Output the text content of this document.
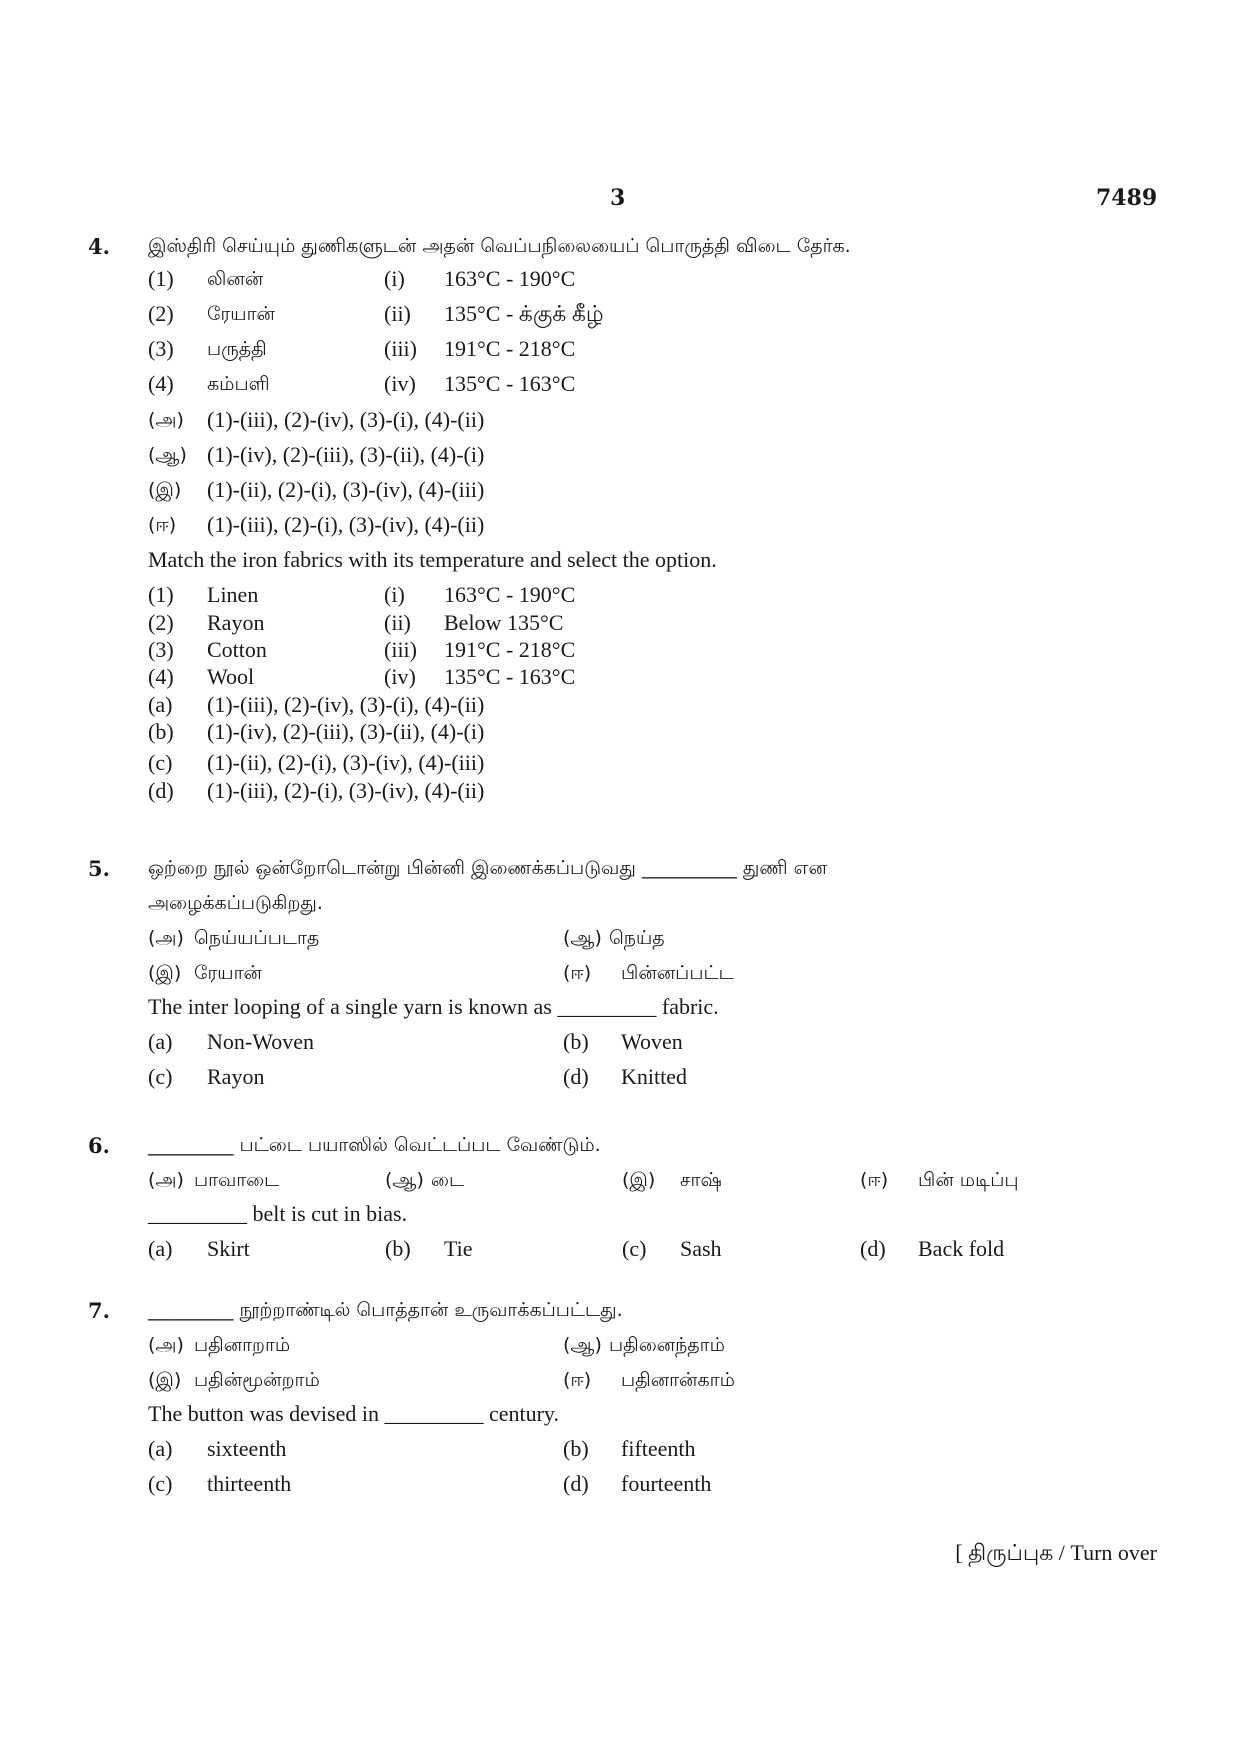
3	7489
4. இஸ்திரி செய்யும் துணிகளுடன் அதன் வெப்பநிலையைப் பொருத்தி விடை தேர்க.
(1) லினன்	(i) 163°C - 190°C
(2) ரேயான்	(ii) 135°C - க்குக் கீழ்
(3) பருத்தி	(iii) 191°C - 218°C
(4) கம்பளி	(iv) 135°C - 163°C
(அ) (1)-(iii), (2)-(iv), (3)-(i), (4)-(ii)
(ஆ) (1)-(iv), (2)-(iii), (3)-(ii), (4)-(i)
(இ) (1)-(ii), (2)-(i), (3)-(iv), (4)-(iii)
(ஈ) (1)-(iii), (2)-(i), (3)-(iv), (4)-(ii)
Match the iron fabrics with its temperature and select the option.
(1) Linen	(i) 163°C - 190°C
(2) Rayon	(ii) Below 135°C
(3) Cotton	(iii) 191°C - 218°C
(4) Wool	(iv) 135°C - 163°C
(a) (1)-(iii), (2)-(iv), (3)-(i), (4)-(ii)
(b) (1)-(iv), (2)-(iii), (3)-(ii), (4)-(i)
(c) (1)-(ii), (2)-(i), (3)-(iv), (4)-(iii)
(d) (1)-(iii), (2)-(i), (3)-(iv), (4)-(ii)
5. ஒற்றை நூல் ஒன்றோடொன்று பின்னி இணைக்கப்படுவது __________ துணி என
அழைக்கப்படுகிறது.
(அ) நெய்யப்படாத	(ஆ) நெய்த
(இ) ரேயான்	(ஈ) பின்னப்பட்ட
The inter looping of a single yarn is known as _________ fabric.
(a) Non-Woven	(b) Woven
(c) Rayon	(d) Knitted
6. _________ பட்டை பயாஸில் வெட்டப்பட வேண்டும்.
(அ) பாவாடை	(ஆ) டை	(இ) சாஷ்	(ஈ) பின் மடிப்பு
_________ belt is cut in bias.
(a) Skirt	(b) Tie	(c) Sash	(d) Back fold
7. _________ நூற்றாண்டில் பொத்தான் உருவாக்கப்பட்டது.
(அ) பதினாறாம்	(ஆ) பதினைந்தாம்
(இ) பதின்மூன்றாம்	(ஈ) பதினான்காம்
The button was devised in _________ century.
(a) sixteenth	(b) fifteenth
(c) thirteenth	(d) fourteenth
[ திருப்புக / Turn over
